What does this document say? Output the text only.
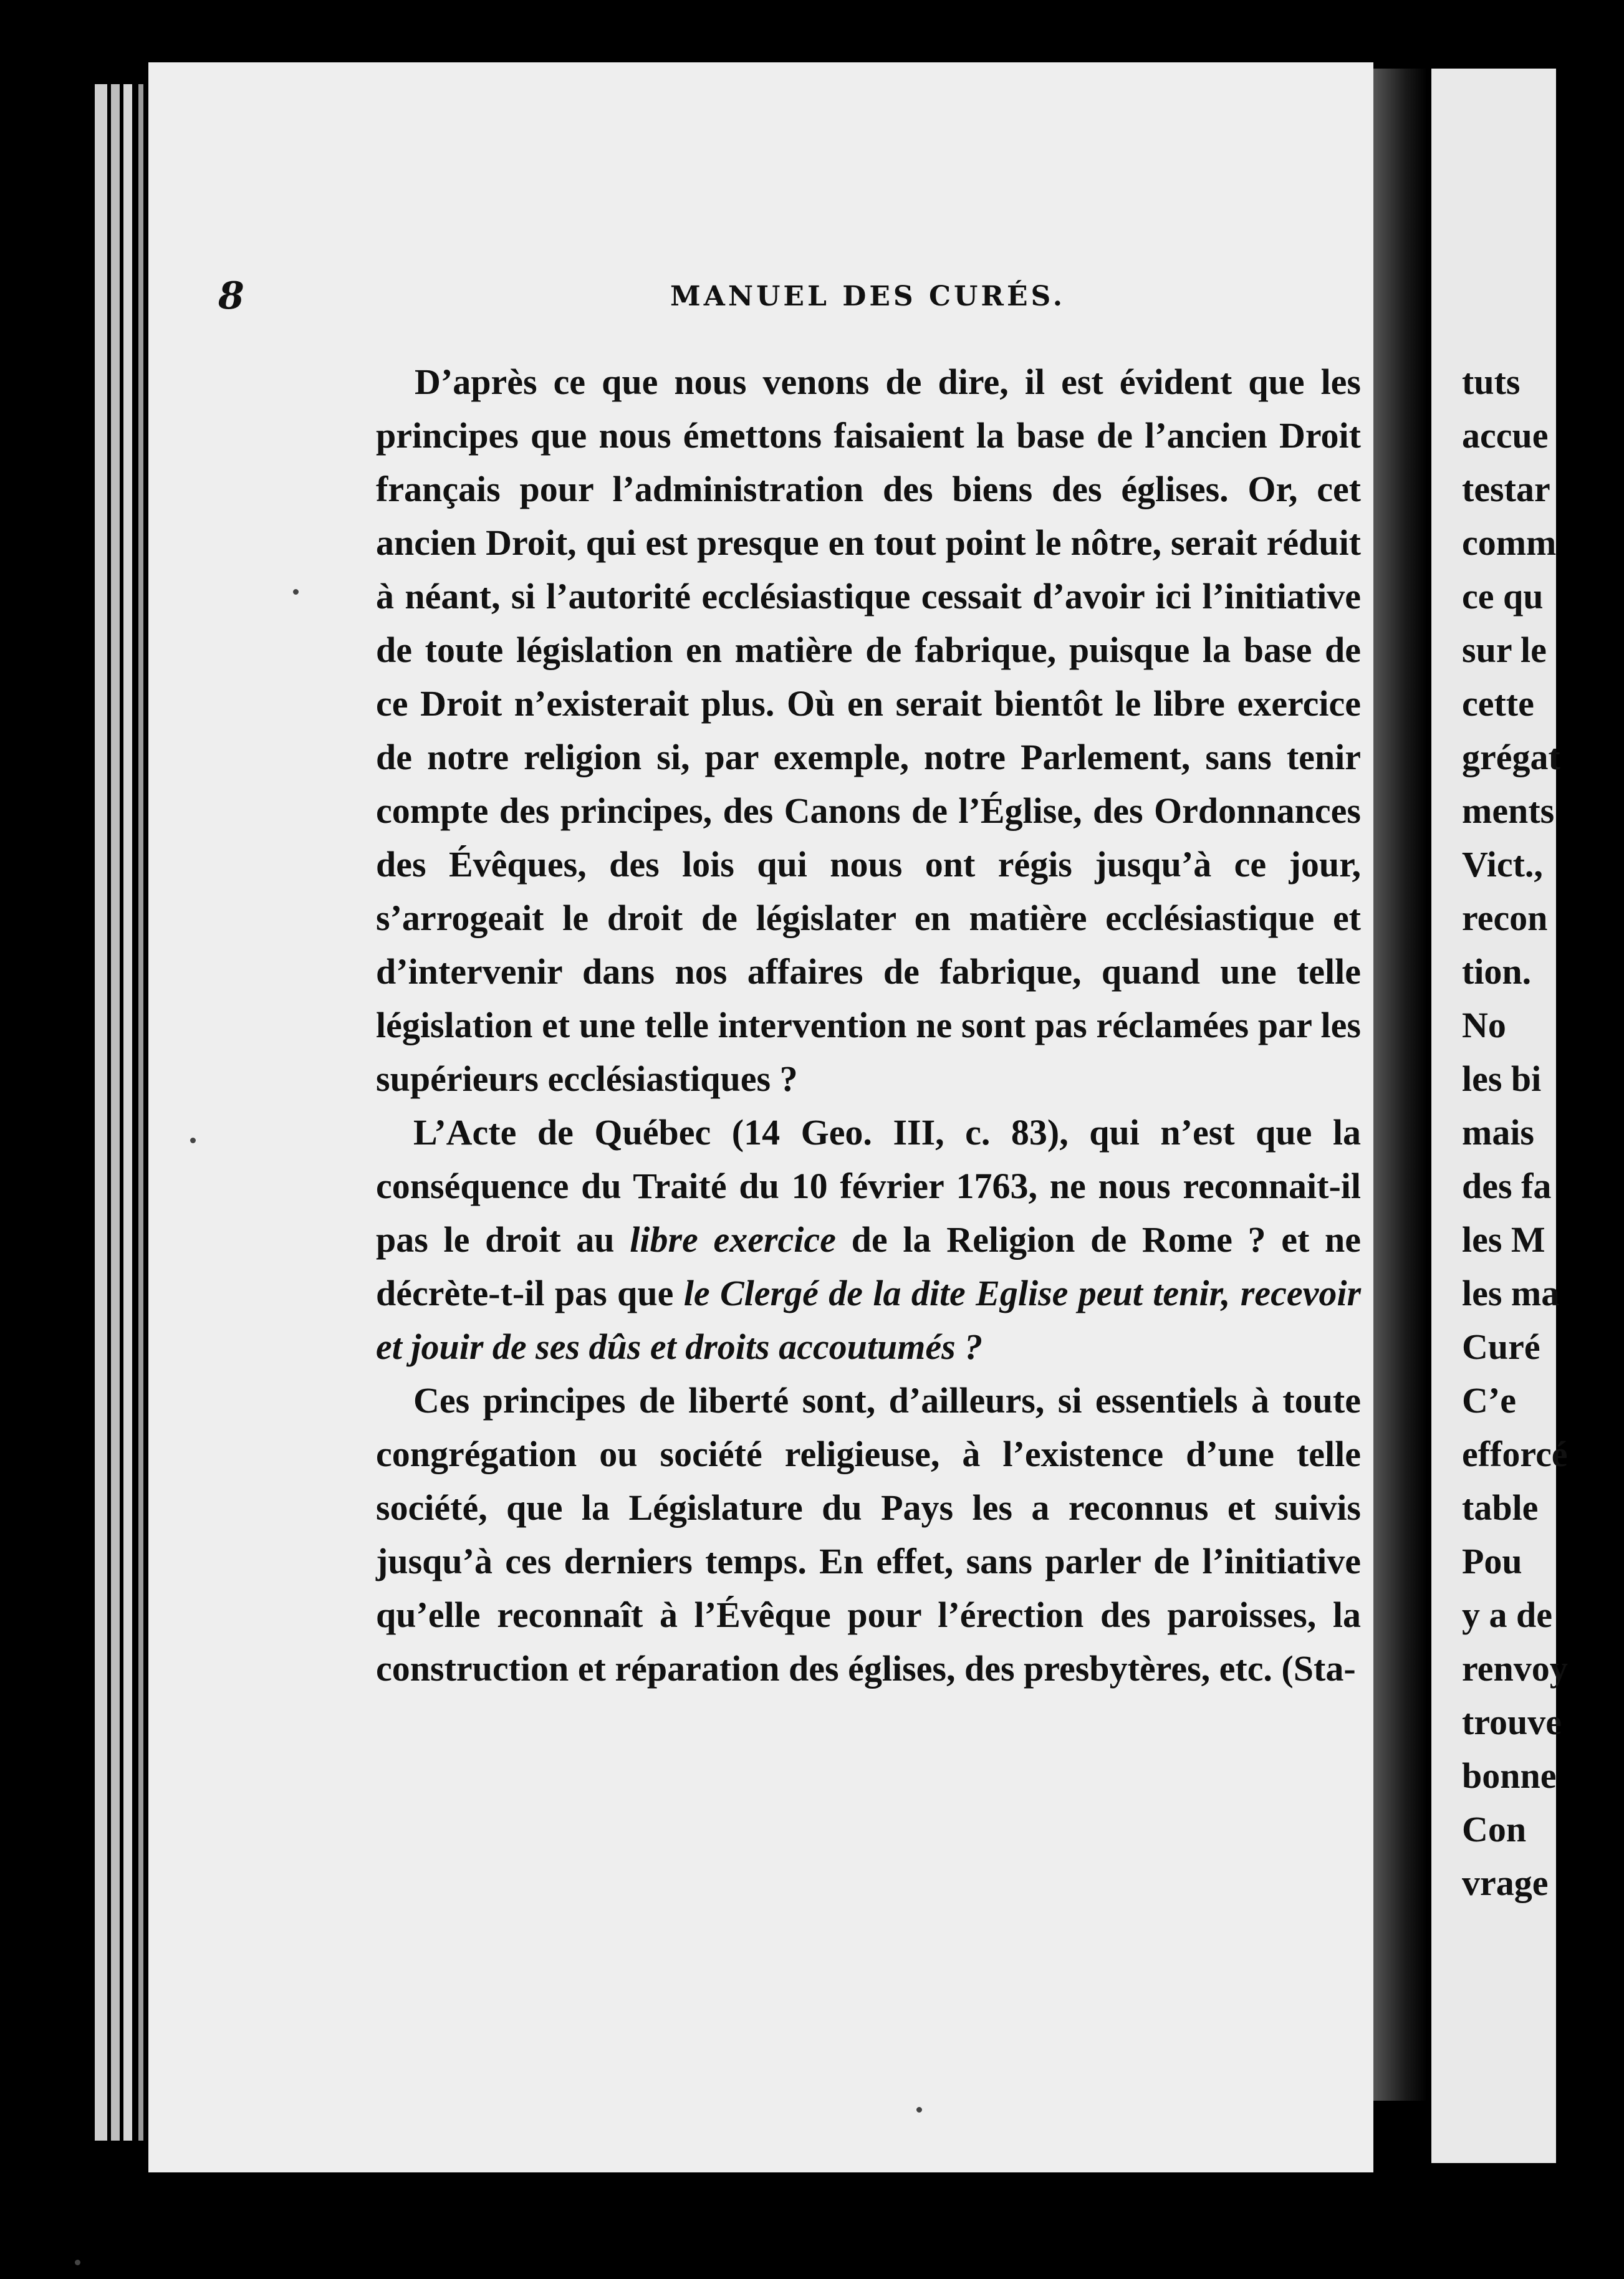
8	MANUEL DES CURÉS.

D’après ce que nous venons de dire, il est évident que les principes que nous émettons faisaient la base de l’ancien Droit français pour l’administration des biens des églises. Or, cet ancien Droit, qui est presque en tout point le nôtre, serait réduit à néant, si l’autorité ecclésiastique cessait d’avoir ici l’initiative de toute législation en matière de fabrique, puisque la base de ce Droit n’existerait plus. Où en serait bientôt le libre exercice de notre religion si, par exemple, notre Parlement, sans tenir compte des principes, des Canons de l’Église, des Ordonnances des Évêques, des lois qui nous ont régis jusqu’à ce jour, s’arrogeait le droit de législater en matière ecclésiastique et d’intervenir dans nos affaires de fabrique, quand une telle législation et une telle intervention ne sont pas réclamées par les supérieurs ecclésiastiques ?

L’Acte de Québec (14 Geo. III, c. 83), qui n’est que la conséquence du Traité du 10 février 1763, ne nous reconnait-il pas le droit au libre exercice de la Religion de Rome ? et ne décrète-t-il pas que le Clergé de la dite Eglise peut tenir, recevoir et jouir de ses dûs et droits accoutumés ?

Ces principes de liberté sont, d’ailleurs, si essentiels à toute congrégation ou société religieuse, à l’existence d’une telle société, que la Législature du Pays les a reconnus et suivis jusqu’à ces derniers temps. En effet, sans parler de l’initiative qu’elle reconnaît à l’Évêque pour l’érection des paroisses, la construction et réparation des églises, des presbytères, etc. (Sta-

tuts
accue
testar
comm
ce qu
sur le
cette
grégat
ments
Vict.,
recon
tion.
No
les bi
mais
des fa
les M
les ma
Curé
C’e
efforcé
table
Pou
y a de
renvoy
trouve
bonne
Con
vrage
